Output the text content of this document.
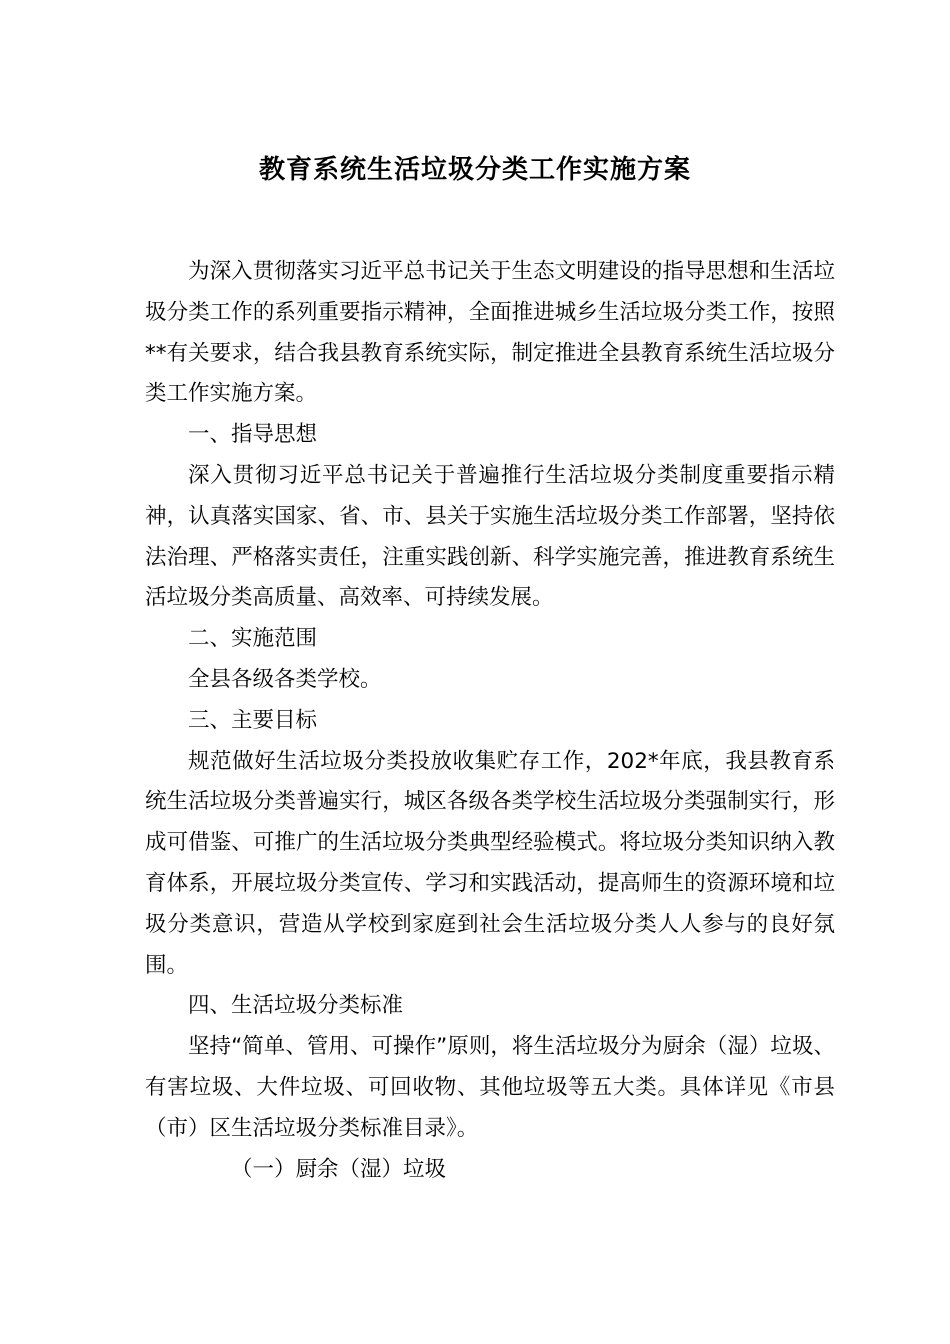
教育系统生活垃圾分类工作实施方案

为深入贯彻落实习近平总书记关于生态文明建设的指导思想和生活垃圾分类工作的系列重要指示精神，全面推进城乡生活垃圾分类工作，按照**有关要求，结合我县教育系统实际，制定推进全县教育系统生活垃圾分类工作实施方案。

一、指导思想

深入贯彻习近平总书记关于普遍推行生活垃圾分类制度重要指示精神，认真落实国家、省、市、县关于实施生活垃圾分类工作部署，坚持依法治理、严格落实责任，注重实践创新、科学实施完善，推进教育系统生活垃圾分类高质量、高效率、可持续发展。

二、实施范围

全县各级各类学校。

三、主要目标

规范做好生活垃圾分类投放收集贮存工作，202*年底，我县教育系统生活垃圾分类普遍实行，城区各级各类学校生活垃圾分类强制实行，形成可借鉴、可推广的生活垃圾分类典型经验模式。将垃圾分类知识纳入教育体系，开展垃圾分类宣传、学习和实践活动，提高师生的资源环境和垃圾分类意识，营造从学校到家庭到社会生活垃圾分类人人参与的良好氛围。

四、生活垃圾分类标准

坚持“简单、管用、可操作”原则，将生活垃圾分为厨余（湿）垃圾、有害垃圾、大件垃圾、可回收物、其他垃圾等五大类。具体详见《市县（市）区生活垃圾分类标准目录》。

（一）厨余（湿）垃圾
